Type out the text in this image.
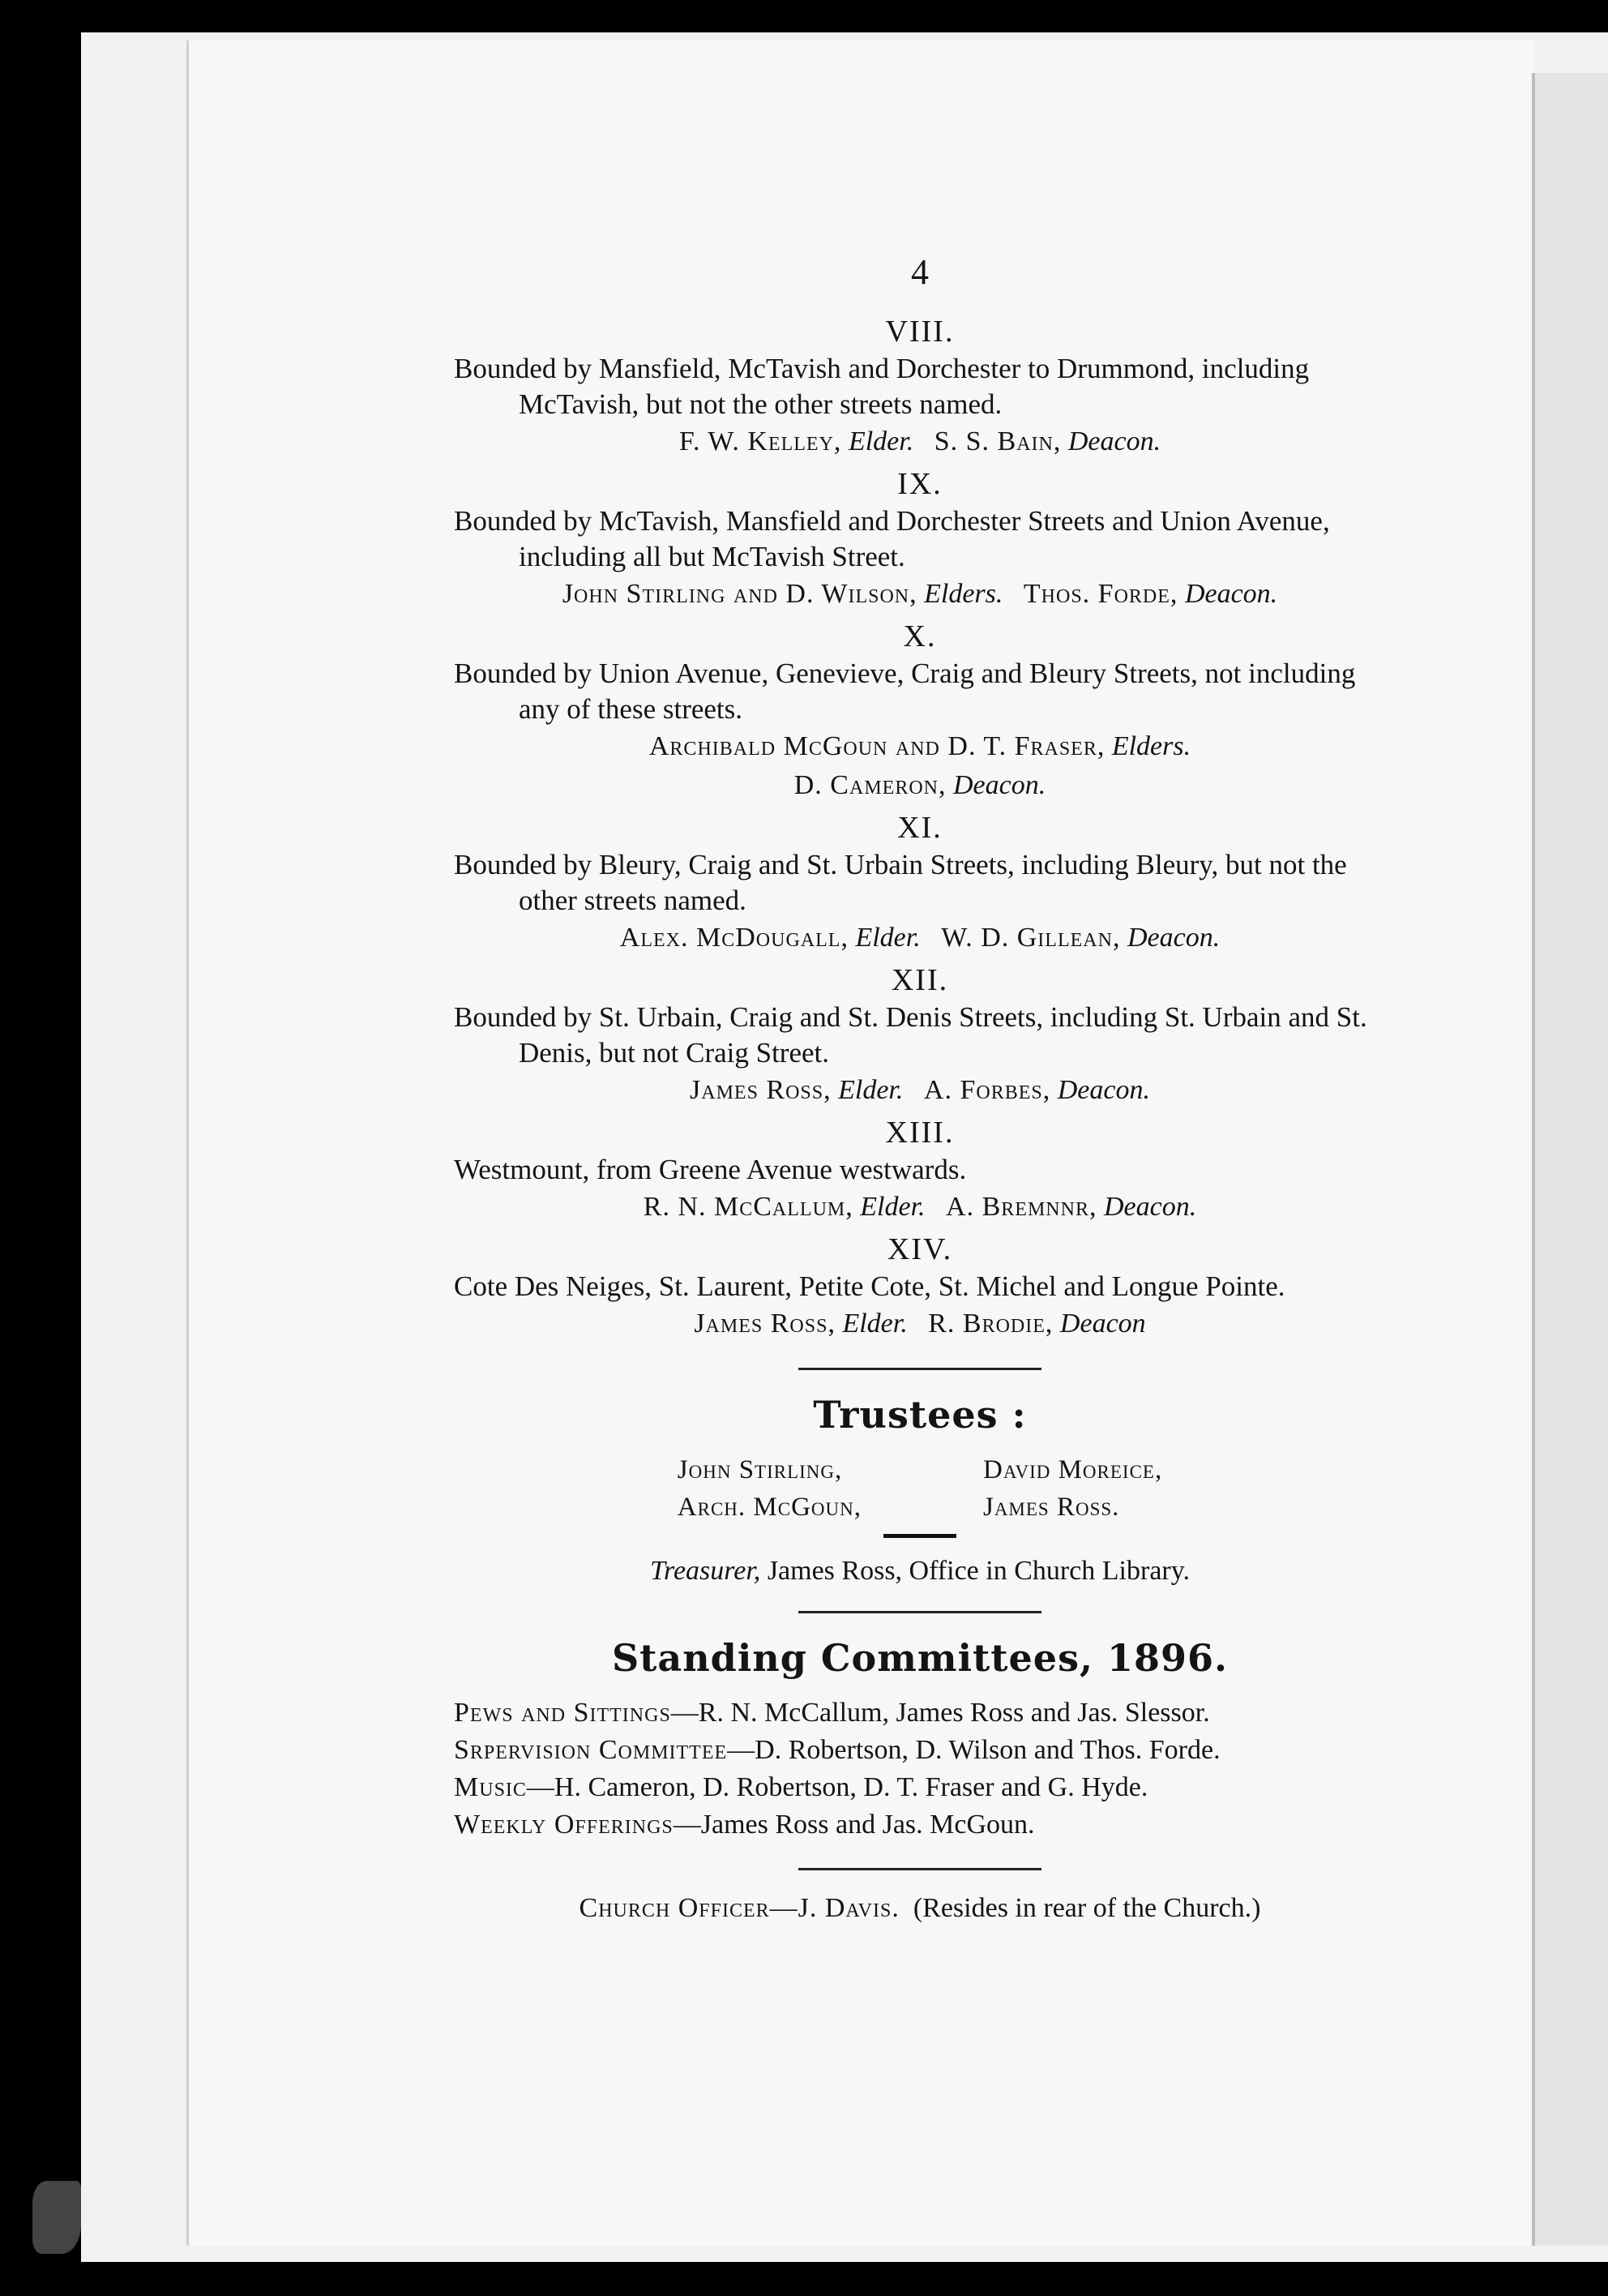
4
VIII.

Bounded by Mansfield, McTavish and Dorchester to Drummond, including McTavish, but not the other streets named.

F. W. Kelley, Elder. S. S. Bain, Deacon.

IX.

Bounded by McTavish, Mansfield and Dorchester Streets and Union Avenue, including all but McTavish Street.

John Stirling and D. Wilson, Elders. Thos. Forde, Deacon.

X.

Bounded by Union Avenue, Genevieve, Craig and Bleury Streets, not including any of these streets.

Archibald McGoun and D. T. Fraser, Elders.

D. Cameron, Deacon.

XI.

Bounded by Bleury, Craig and St. Urbain Streets, including Bleury, but not the other streets named.

Alex. McDougall, Elder. W. D. Gillean, Deacon.

XII.

Bounded by St. Urbain, Craig and St. Denis Streets, including St. Urbain and St. Denis, but not Craig Street.

James Ross, Elder. A. Forbes, Deacon.

XIII.

Westmount, from Greene Avenue westwards.

R. N. McCallum, Elder. A. Bremnnr, Deacon.

XIV.

Cote Des Neiges, St. Laurent, Petite Cote, St. Michel and Longue Pointe.

James Ross, Elder. R. Brodie, Deacon

Trustees :
John Stirling,
Arch. McGoun,
David Moreice,
James Ross.

Treasurer, James Ross, Office in Church Library.

Standing Committees, 1896.

Pews and Sittings—R. N. McCallum, James Ross and Jas. Slessor.

Srpervision Committee—D. Robertson, D. Wilson and Thos. Forde.

Music—H. Cameron, D. Robertson, D. T. Fraser and G. Hyde.

Weekly Offerings—James Ross and Jas. McGoun.

Church Officer—J. Davis. (Resides in rear of the Church.)
